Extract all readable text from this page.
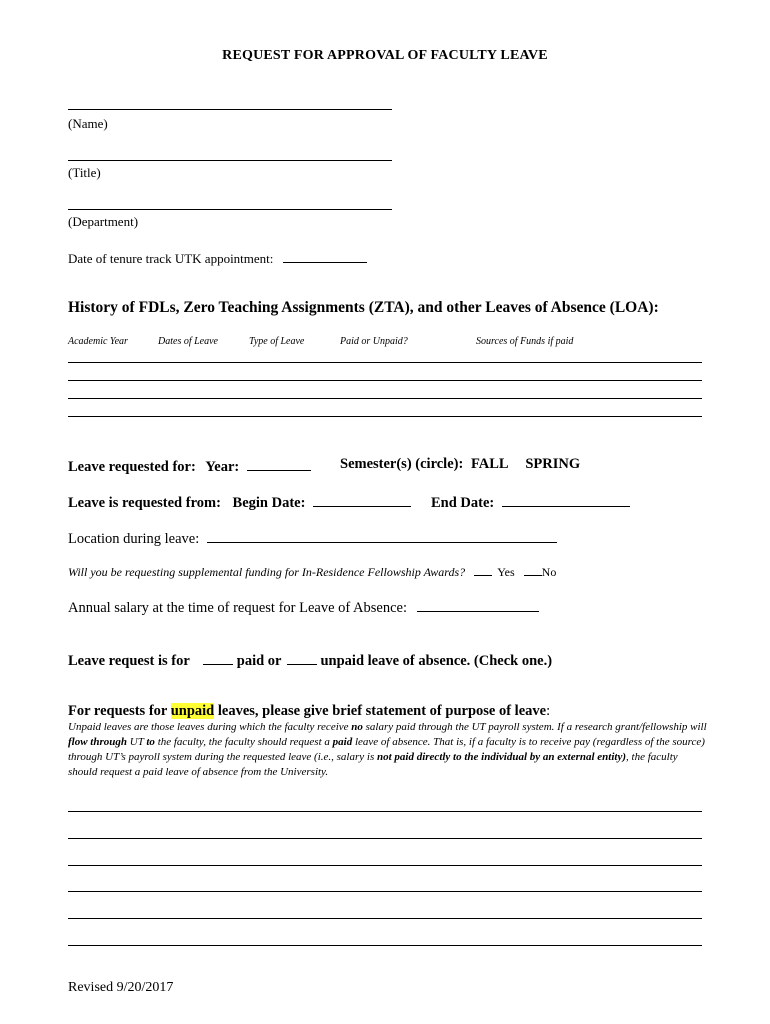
REQUEST FOR APPROVAL OF FACULTY LEAVE
(Name)
(Title)
(Department)
Date of tenure track UTK appointment:
History of FDLs, Zero Teaching Assignments (ZTA), and other Leaves of Absence (LOA):
Academic Year	Dates of Leave	Type of Leave	Paid or Unpaid?	Sources of Funds if paid
Leave requested for: Year:	Semester(s) (circle): FALL SPRING
Leave is requested from: Begin Date:	End Date:
Location during leave:
Will you be requesting supplemental funding for In-Residence Fellowship Awards?	Yes No
Annual salary at the time of request for Leave of Absence:
Leave request is for	paid or	unpaid leave of absence. (Check one.)
For requests for unpaid leaves, please give brief statement of purpose of leave:
Unpaid leaves are those leaves during which the faculty receive no salary paid through the UT payroll system. If a research grant/fellowship will flow through UT to the faculty, the faculty should request a paid leave of absence. That is, if a faculty is to receive pay (regardless of the source) through UT’s payroll system during the requested leave (i.e., salary is not paid directly to the individual by an external entity), the faculty should request a paid leave of absence from the University.
Revised 9/20/2017
